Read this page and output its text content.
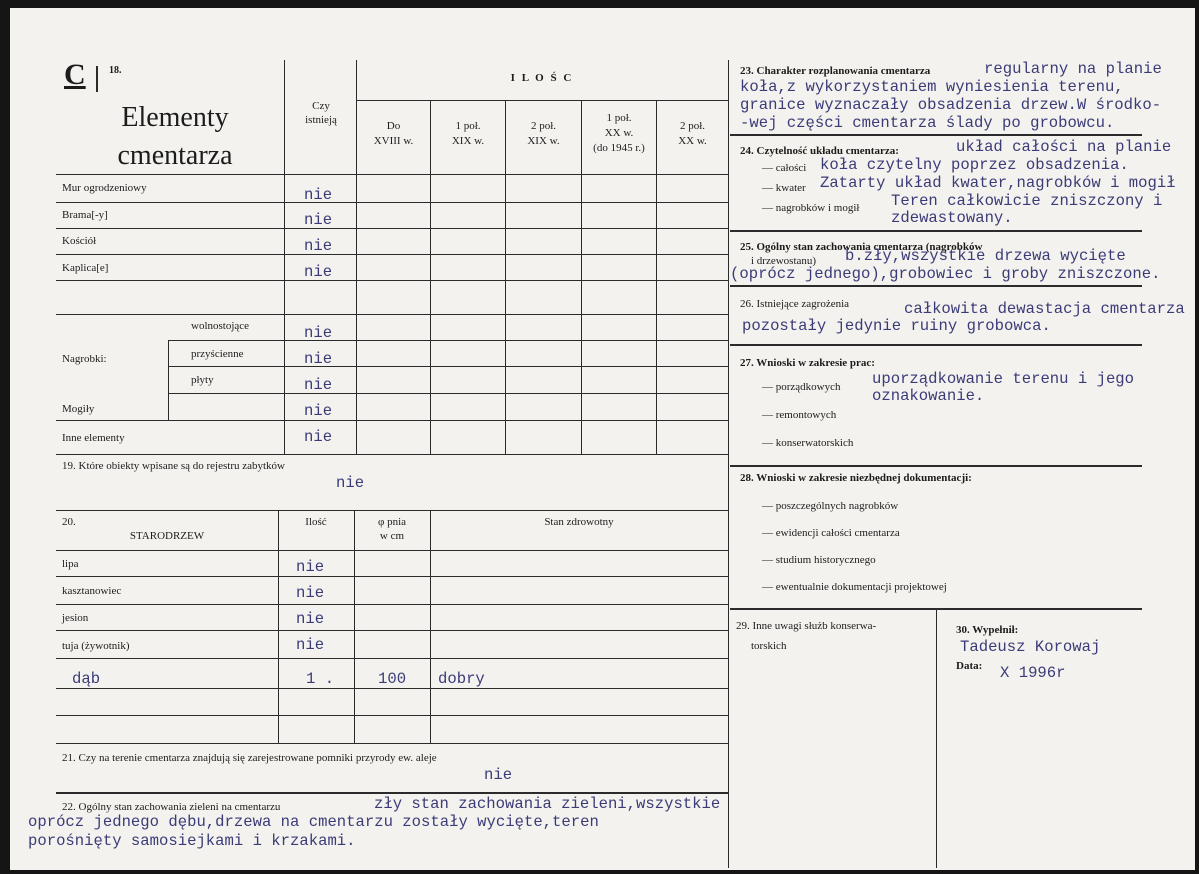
C 18.
Elementy
cmentarza
Czy
istnieją
I L O Ś C
Do
XVIII w.
1 poł.
XIX w.
2 poł.
XIX w.
1 poł.
XX w.
(do 1945 r.)
2 poł.
XX w.
Mur ogrodzeniowy	nie
Brama[-y]	nie
Kościół	nie
Kaplica[e]	nie
Nagrobki:
wolnostojące	nie
przyścienne	nie
płyty	nie
Mogiły	nie
Inne elementy	nie
19. Które obiekty wpisane są do rejestru zabytków
nie
20.
STARODRZEW
Ilość	φ pnia
w cm
Stan zdrowotny
lipa	nie
kasztanowiec	nie
jesion	nie
tuja (żywotnik)	nie
dąb	1 .	100 dobry
21. Czy na terenie cmentarza znajdują się zarejestrowane pomniki przyrody ew. aleje
nie
22. Ogólny stan zachowania zieleni na cmentarzu	zły stan zachowania zieleni,wszystkie
oprócz jednego dębu,drzewa na cmentarzu zostały wycięte,teren
porośnięty samosiejkami i krzakami.
23. Charakter rozplanowania cmentarza	regularny na planie
koła,z wykorzystaniem wyniesienia terenu,
granice wyznaczały obsadzenia drzew.W środko-
-wej części cmentarza ślady po grobowcu.
24. Czytelność układu cmentarza:	układ całości na planie
— całości
— kwater
— nagrobków i mogił
koła czytelny poprzez obsadzenia.
Zatarty układ kwater,nagrobków i mogił
Teren całkowicie zniszczony i
zdewastowany.
25. Ogólny stan zachowania cmentarza (nagrobków
i drzewostanu) b.zły,wszystkie drzewa wycięte
(oprócz jednego),grobowiec i groby zniszczone.
26. Istniejące zagrożenia	całkowita dewastacja cmentarza
pozostały jedynie ruiny grobowca.
27. Wnioski w zakresie prac:
— porządkowych
— remontowych
— konserwatorskich
uporządkowanie terenu i jego
oznakowanie.
28. Wnioski w zakresie niezbędnej dokumentacji:
— poszczególnych nagrobków
— ewidencji całości cmentarza
— studium historycznego
— ewentualnie dokumentacji projektowej
29. Inne uwagi służb konserwa-
torskich
30. Wypełnił:
Tadeusz Korowaj
Data: X 1996r
